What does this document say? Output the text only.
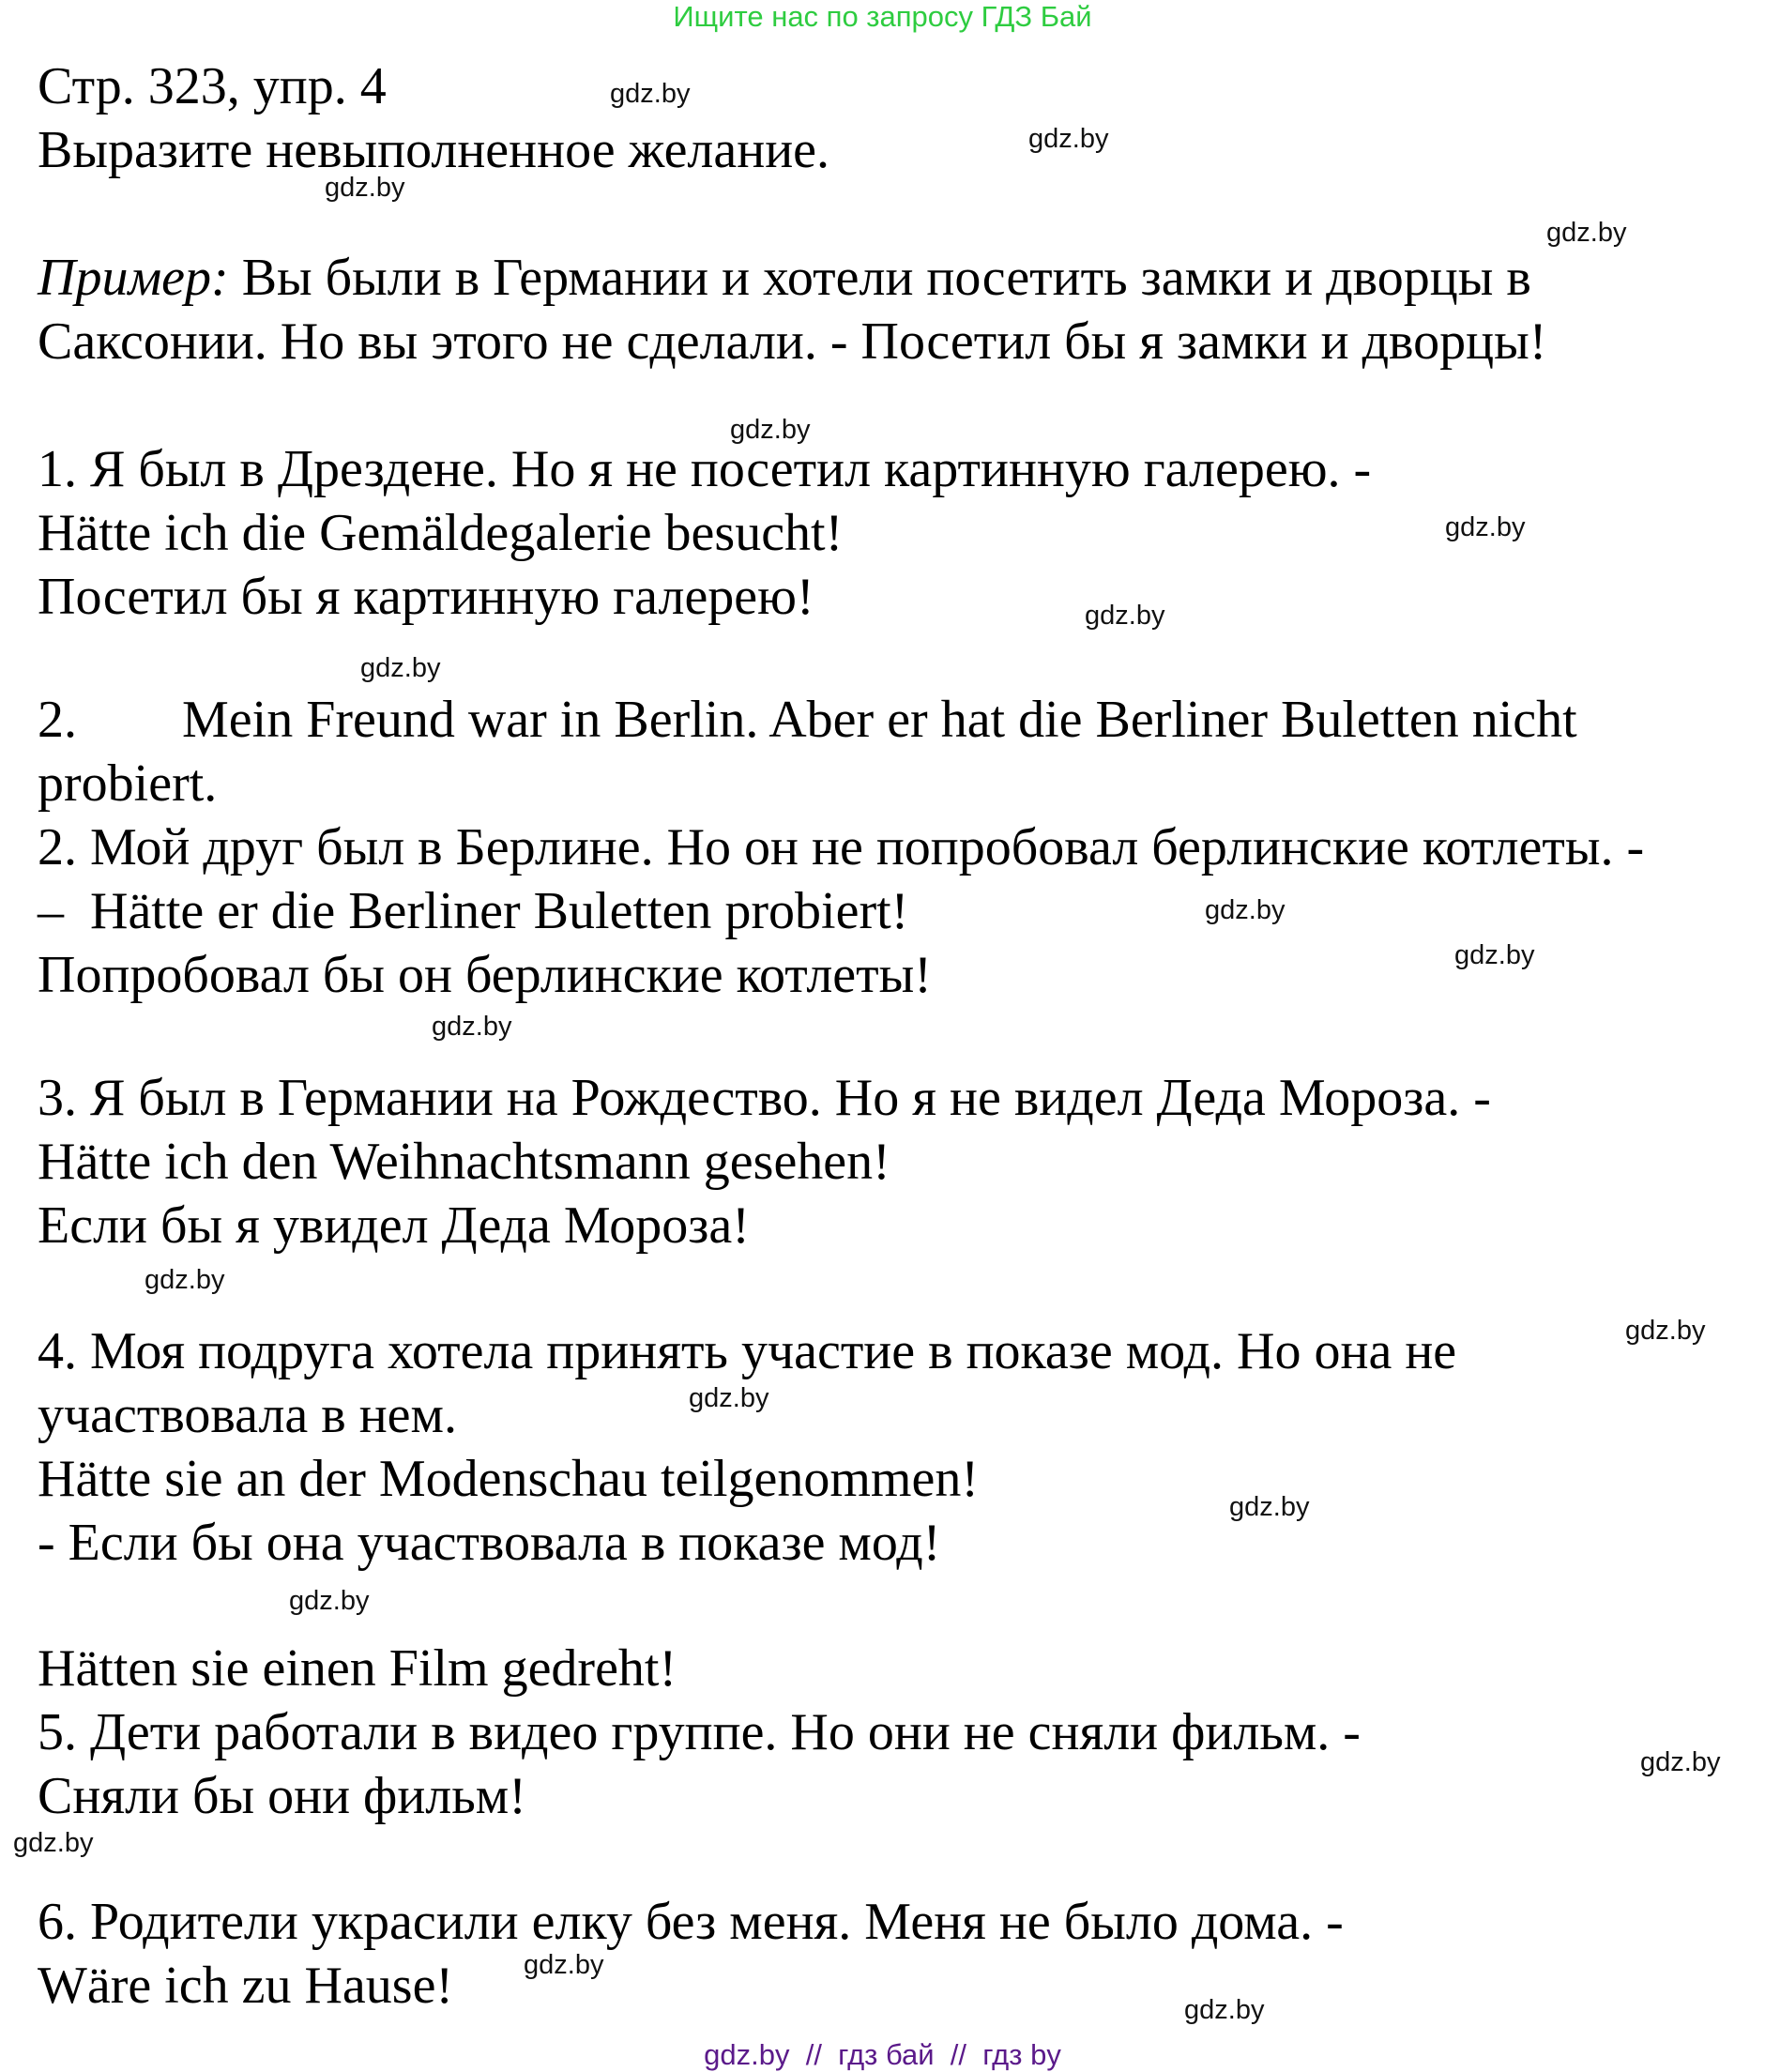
Ищите нас по запросу ГДЗ Бай
Стр. 323, упр. 4
Выразите невыполненное желание.
Пример: Вы были в Германии и хотели посетить замки и дворцы в
Саксонии. Но вы этого не сделали. - Посетил бы я замки и дворцы!
1. Я был в Дрездене. Но я не посетил картинную галерею. -
Hätte ich die Gemäldegalerie besucht!
Посетил бы я картинную галерею!
2.        Mein Freund war in Berlin. Aber er hat die Berliner Buletten nicht
probiert.
2. Мой друг был в Берлине. Но он не попробовал берлинские котлеты. -
–  Hätte er die Berliner Buletten probiert!
Попробовал бы он берлинские котлеты!
3. Я был в Германии на Рождество. Но я не видел Деда Мороза. -
Hätte ich den Weihnachtsmann gesehen!
Если бы я увидел Деда Мороза!
4. Моя подруга хотела принять участие в показе мод. Но она не
участвовала в нем.
Hätte sie an der Modenschau teilgenommen!
- Если бы она участвовала в показе мод!
Hätten sie einen Film gedreht!
5. Дети работали в видео группе. Но они не сняли фильм. -
Сняли бы они фильм!
6. Родители украсили елку без меня. Меня не было дома. -
Wäre ich zu Hause!
gdz.by
gdz.by
gdz.by
gdz.by
gdz.by
gdz.by
gdz.by
gdz.by
gdz.by
gdz.by
gdz.by
gdz.by
gdz.by
gdz.by
gdz.by
gdz.by
gdz.by
gdz.by
gdz.by
gdz.by
gdz.by  //  гдз бай  //  гдз by
